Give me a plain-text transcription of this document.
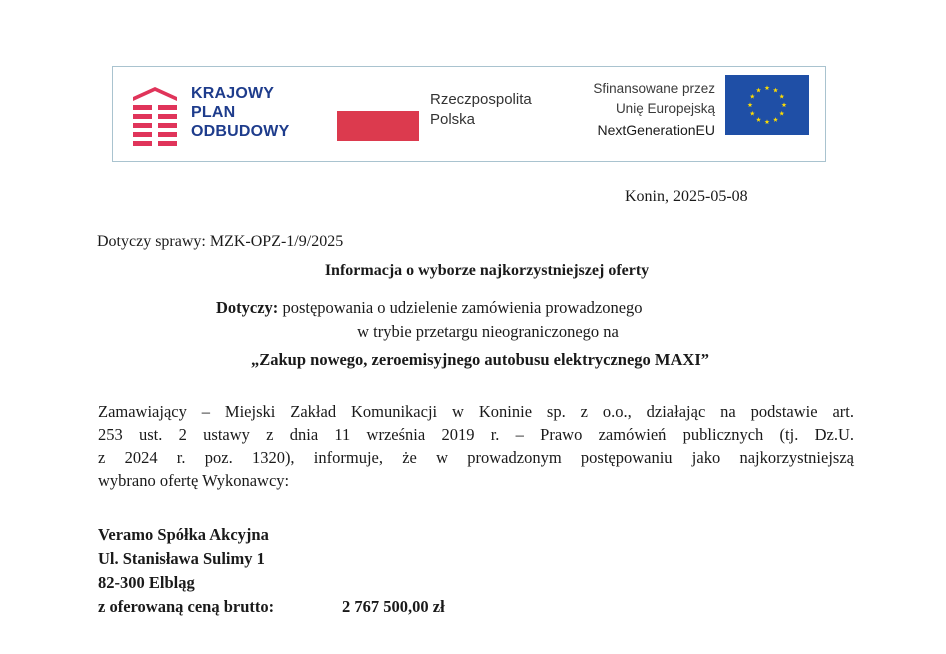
KRAJOWY
PLAN
ODBUDOWY
Rzeczpospolita
Polska
Sfinansowane przez
Unię Europejską
NextGenerationEU
Konin, 2025-05-08
Dotyczy sprawy: MZK-OPZ-1/9/2025
Informacja o wyborze najkorzystniejszej oferty
Dotyczy: postępowania o udzielenie zamówienia prowadzonego
w trybie przetargu nieograniczonego na
„Zakup nowego, zeroemisyjnego autobusu elektrycznego MAXI”
Zamawiający – Miejski Zakład Komunikacji w Koninie sp. z o.o., działając na podstawie art.
253 ust. 2 ustawy z dnia 11 września 2019 r. – Prawo zamówień publicznych (tj. Dz.U.
z 2024 r. poz. 1320), informuje, że w prowadzonym postępowaniu jako najkorzystniejszą
wybrano ofertę Wykonawcy:
Veramo Spółka Akcyjna
Ul. Stanisława Sulimy 1
82-300 Elbląg
z oferowaną ceną brutto:	2 767 500,00 zł
